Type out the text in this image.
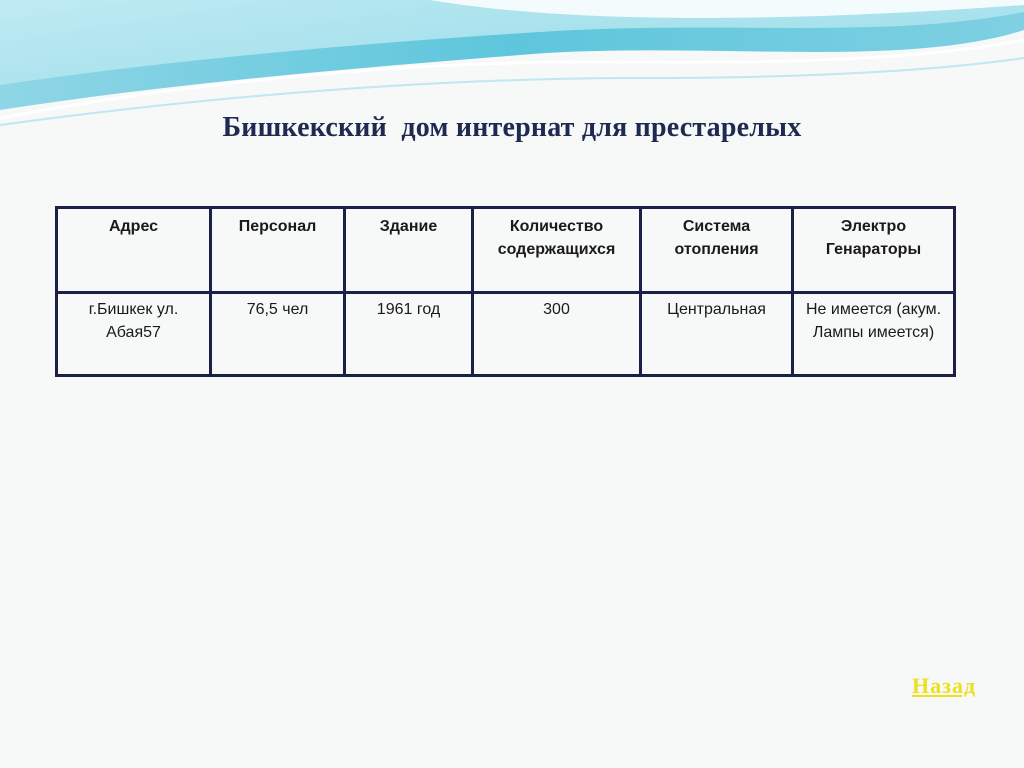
Бишкекский  дом интернат для престарелых
Адрес	Персонал	Здание	Количество содержащихся	Система отопления	Электро Генараторы
г.Бишкек ул. Абая57	76,5 чел	1961 год	300	Центральная	Не имеется (акум. Лампы имеется)
Назад
